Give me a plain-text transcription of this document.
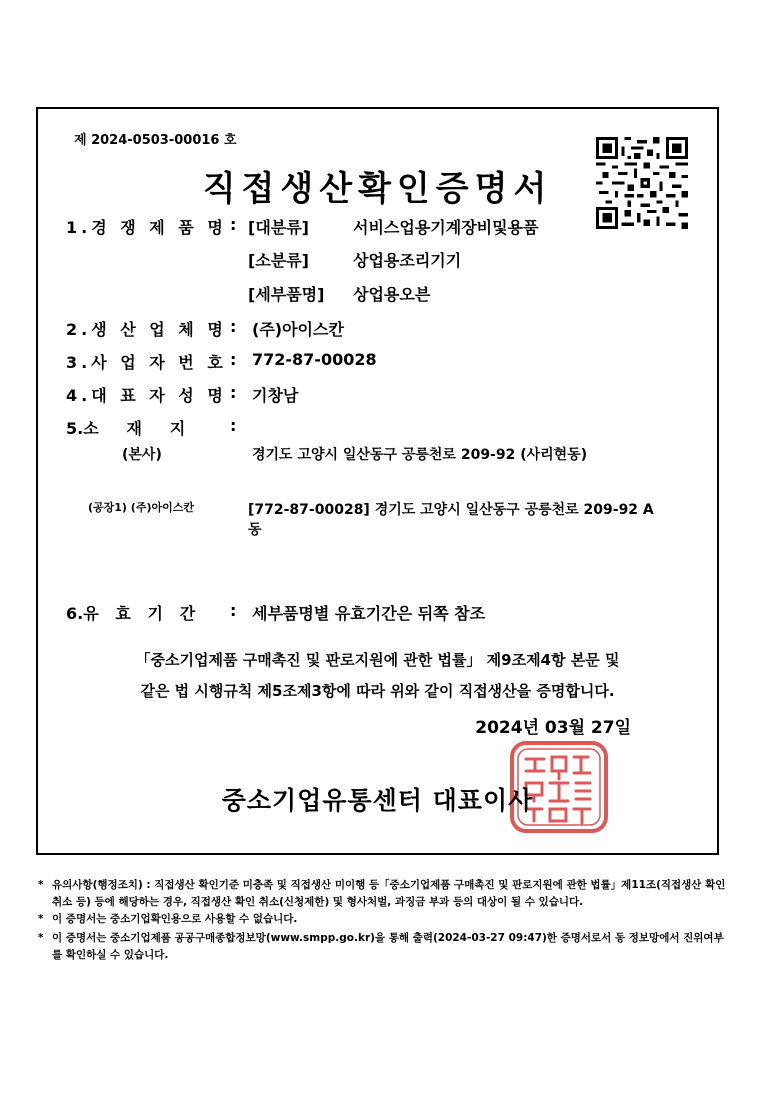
제 2024-0503-00016 호
직접생산확인증명서
1.경 쟁 제 품 명 : [대분류]	서비스업용기계장비및용품
[소분류]	상업용조리기기
[세부품명] 상업용오븐
2.생 산 업 체 명 : (주)아이스칸
3.사 업 자 번 호 : 772-87-00028
4.대 표 자 성 명 : 기창남
5.소     재     지	:
(본사)	경기도 고양시 일산동구 공릉천로 209-92 (사리현동)
(공장1) (주)아이스칸	[772-87-00028] 경기도 고양시 일산동구 공릉천로 209-92 A
동
6.유   효   기   간 : 세부품명별 유효기간은 뒤쪽 참조
「중소기업제품 구매촉진 및 판로지원에 관한 법률」 제9조제4항 본문 및
같은 법 시행규칙 제5조제3항에 따라 위와 같이 직접생산을 증명합니다.
2024년 03월 27일
중소기업유통센터 대표이사
* 유의사항(행정조치) : 직접생산 확인기준 미충족 및 직접생산 미이행 등「중소기업제품 구매촉진 및 판로지원에 관한 법률」제11조(직접생산 확인 취소 등) 등에 해당하는 경우, 직접생산 확인 취소(신청제한) 및 형사처벌, 과징금 부과 등의 대상이 될 수 있습니다.
* 이 증명서는 중소기업확인용으로 사용할 수 없습니다.
* 이 증명서는 중소기업제품 공공구매종합정보망(www.smpp.go.kr)을 통해 출력(2024-03-27 09:47)한 증명서로서 동 정보망에서 진위여부를 확인하실 수 있습니다.
